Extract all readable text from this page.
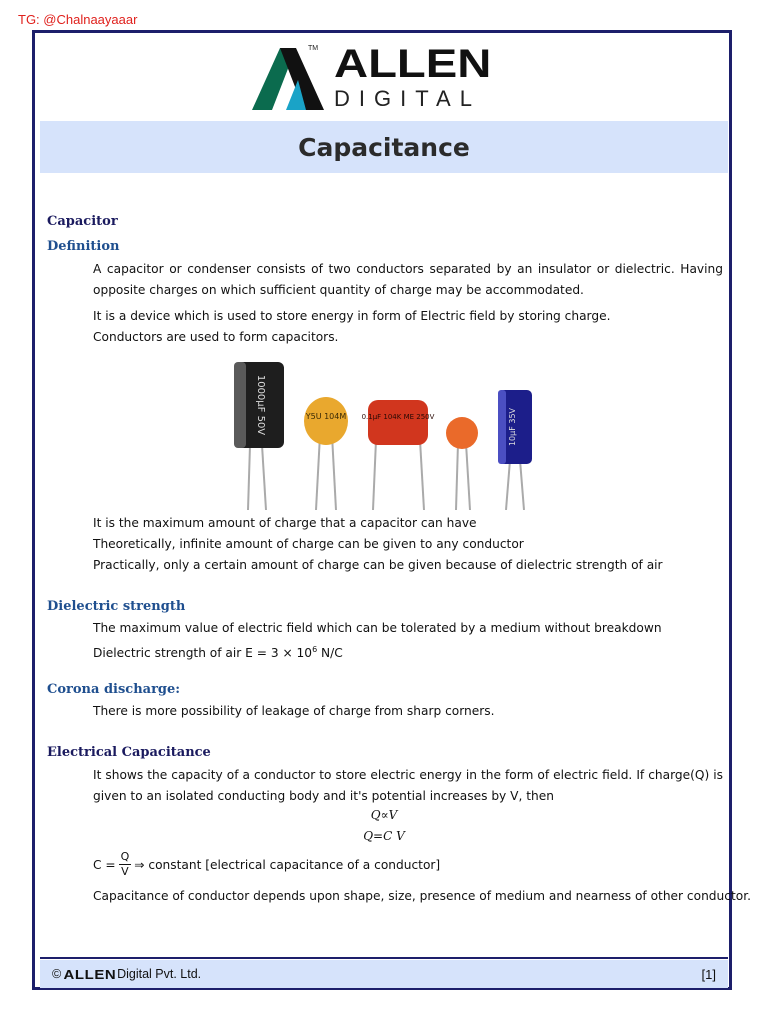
TG: @Chalnaayaaar
TM ALLEN
DIGITAL
Capacitance
Capacitor
Definition
A capacitor or condenser consists of two conductors separated by an insulator or dielectric. Having opposite charges on which sufficient quantity of charge may be accommodated.
It is a device which is used to store energy in form of Electric field by storing charge.
Conductors are used to form capacitors.
1000µF 50V	Y5U 104M 0.1µF 104K ME 250V	10µF 35V
It is the maximum amount of charge that a capacitor can have
Theoretically, infinite amount of charge can be given to any conductor
Practically, only a certain amount of charge can be given because of dielectric strength of air
Dielectric strength
The maximum value of electric field which can be tolerated by a medium without breakdown
Dielectric strength of air $E = 3 \times 10^6$ N/C
Corona discharge:
There is more possibility of leakage of charge from sharp corners.
Electrical Capacitance
It shows the capacity of a conductor to store electric energy in the form of electric field. If charge(Q) is given to an isolated conducting body and it's potential increases by V, then
Q∝V
Q=C V
$C = \frac{Q}{V}$ ⇒ constant [electrical capacitance of a conductor]
Capacitance of conductor depends upon shape, size, presence of medium and nearness of other conductor.
© ALLEN Digital Pvt. Ltd.	[1]
